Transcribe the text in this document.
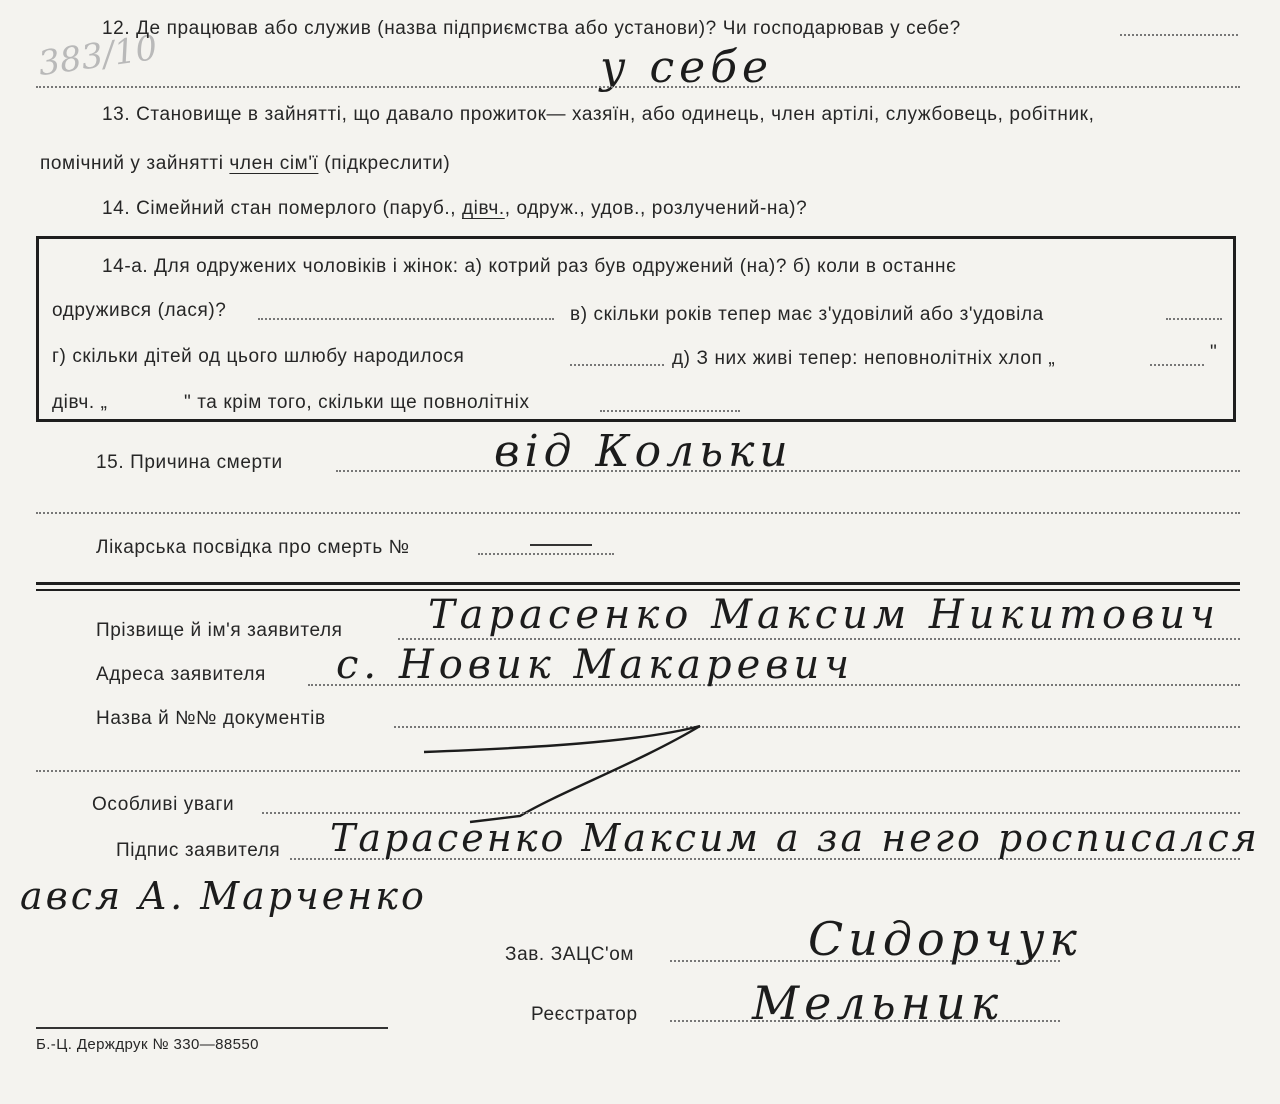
383/10
12. Де працював або служив (назва підприємства або установи)? Чи господарював у себе?
у себе
13. Становище в зайнятті, що давало прожиток— хазяїн, або одинець, член артілі, службовець, робітник,
помічний у зайнятті член сім'ї (підкреслити)
14. Сімейний стан померлого (паруб., дівч., одруж., удов., розлучений-на)?
14-а. Для одружених чоловіків і жінок: а) котрий раз був одружений (на)? б) коли в останнє
одружився (лася)?	в) скільки років тепер має з'удовілий або з'удовіла
г) скільки дітей од цього шлюбу народилося	д) З них живі тепер: неповнолітніх хлоп „	"
дівч. „	" та крім того, скільки ще повнолітніх
15. Причина смерти	від Кольки
Лікарська посвідка про смерть №
Прізвище й ім'я заявителя Тарасенко Максим Никитович
Адреса заявителя с. Новик Макаревич
Назва й №№ документів
Особливі уваги
Підпис заявителя Тарасенко Максим а за него росписался
ався А. Марченко
Зав. ЗАЦС'ом	Сидорчук
Реєстратор Мельник
Б.-Ц. Держдрук № 330—88550
